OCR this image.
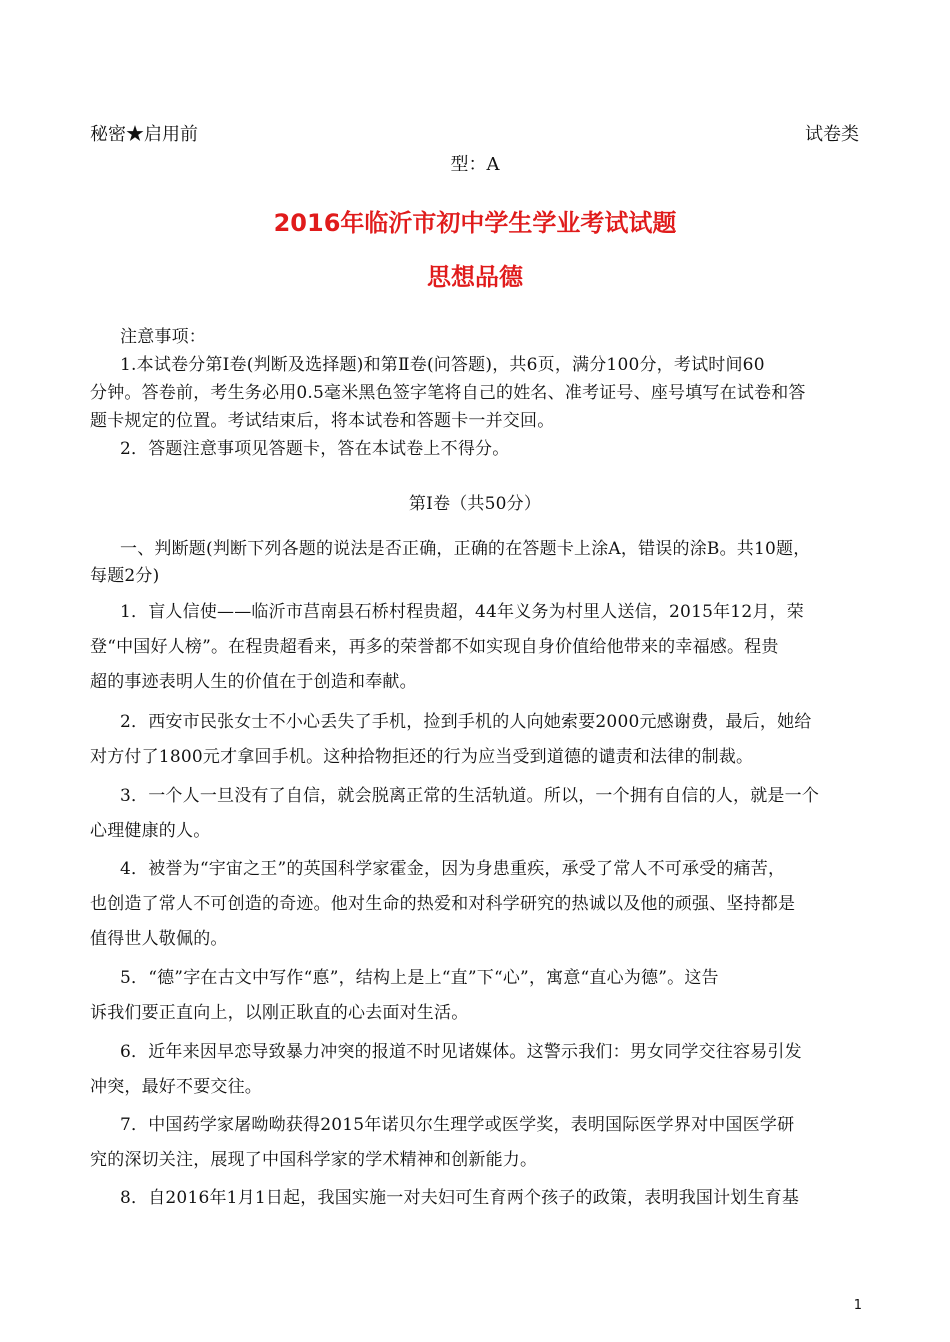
秘密★启用前	试卷类
型：A
2016年临沂市初中学生学业考试试题
思想品德
注意事项：
1.本试卷分第Ⅰ卷(判断及选择题)和第Ⅱ卷(问答题)，共6页，满分100分，考试时间60
分钟。答卷前，考生务必用0.5毫米黑色签字笔将自己的姓名、准考证号、座号填写在试卷和答
题卡规定的位置。考试结束后，将本试卷和答题卡一并交回。
2．答题注意事项见答题卡，答在本试卷上不得分。
第Ⅰ卷（共50分）
一、判断题(判断下列各题的说法是否正确，正确的在答题卡上涂A，错误的涂B。共10题，
每题2分)
1．盲人信使——临沂市莒南县石桥村程贵超，44年义务为村里人送信，2015年12月，荣
登“中国好人榜”。在程贵超看来，再多的荣誉都不如实现自身价值给他带来的幸福感。程贵
超的事迹表明人生的价值在于创造和奉献。
2．西安市民张女士不小心丢失了手机，捡到手机的人向她索要2000元感谢费，最后，她给
对方付了1800元才拿回手机。这种拾物拒还的行为应当受到道德的谴责和法律的制裁。
3．一个人一旦没有了自信，就会脱离正常的生活轨道。所以，一个拥有自信的人，就是一个
心理健康的人。
4．被誉为“宇宙之王”的英国科学家霍金，因为身患重疾，承受了常人不可承受的痛苦，
也创造了常人不可创造的奇迹。他对生命的热爱和对科学研究的热诚以及他的顽强、坚持都是
值得世人敬佩的。
5．“德”字在古文中写作“悳”，结构上是上“直”下“心”，寓意“直心为德”。这告
诉我们要正直向上，以刚正耿直的心去面对生活。
6．近年来因早恋导致暴力冲突的报道不时见诸媒体。这警示我们：男女同学交往容易引发
冲突，最好不要交往。
7．中国药学家屠呦呦获得2015年诺贝尔生理学或医学奖，表明国际医学界对中国医学研
究的深切关注，展现了中国科学家的学术精神和创新能力。
8．自2016年1月1日起，我国实施一对夫妇可生育两个孩子的政策，表明我国计划生育基
1
